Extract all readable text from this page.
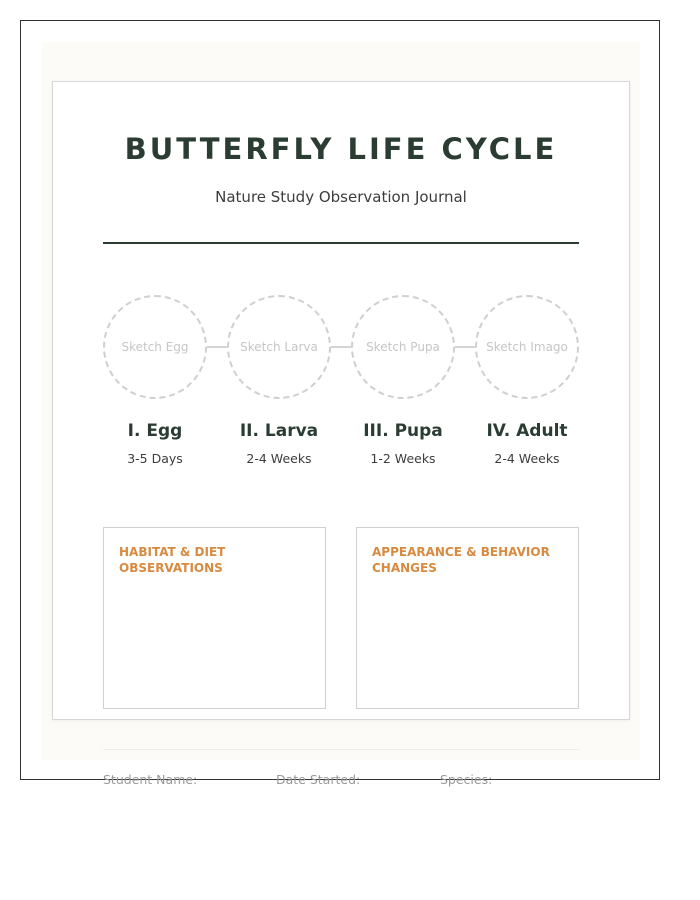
BUTTERFLY LIFE CYCLE
Nature Study Observation Journal
Sketch Egg	Sketch Larva	Sketch Pupa	Sketch Imago
I. Egg	II. Larva	III. Pupa	IV. Adult
3-5 Days	2-4 Weeks	1-2 Weeks	2-4 Weeks
HABITAT & DIET OBSERVATIONS
APPEARANCE & BEHAVIOR CHANGES
Student Name:	Date Started:	Species:
